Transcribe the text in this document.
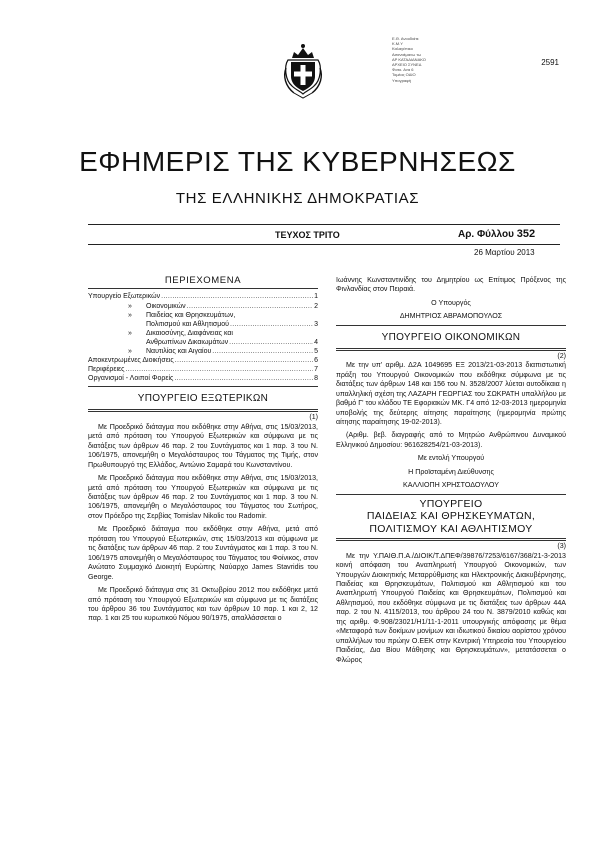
Ε.Θ. Ανουδιάτε
Κ.Μ.Υ
Καλαγέπικο
Ασαναέμανω τω
ΑΡ ΚΑΤΑΔΙΔΝΑΚΟ
ΑΡΧΕΙΟ ΣΥΝΕΔ
Φατο. Ανα 6
Τομέας ΟΔΙΟ
Υπογραφή
2591
ΕΦΗΜΕΡΙΣ ΤΗΣ ΚΥΒΕΡΝΗΣΕΩΣ
ΤΗΣ ΕΛΛΗΝΙΚΗΣ ΔΗΜΟΚΡΑΤΙΑΣ
ΤΕΥΧΟΣ ΤΡΙΤΟ	Αρ. Φύλλου 352
26 Μαρτίου 2013
ΠΕΡΙΕΧΟΜΕΝΑ
Υπουργείο Εξωτερικών .....	1
» Οικονομικών .....	2
» Παιδείας και Θρησκευμάτων,
Πολιτισμού και Αθλητισμού .....	3
» Δικαιοσύνης, Διαφάνειας και
Ανθρωπίνων Δικαιωμάτων .....	4
» Ναυτιλίας και Αιγαίου .....	5
Αποκεντρωμένες Διοικήσεις .....	6
Περιφέρειες .....	7
Οργανισμοί - Λοιποί Φορείς .....	8
ΥΠΟΥΡΓΕΙΟ ΕΞΩΤΕΡΙΚΩΝ

(1)

Με Προεδρικό διάταγμα που εκδόθηκε στην Αθήνα, στις 15/03/2013, μετά από πρόταση του Υπουργού Εξωτερικών και σύμφωνα με τις διατάξεις των άρθρων 46 παρ. 2 του Συντάγματος και 1 παρ. 3 του Ν. 106/1975, απονεμήθη ο Μεγαλόσταυρος του Τάγματος της Τιμής, στον Πρωθυπουργό της Ελλάδος, Αντώνιο Σαμαρά του Κωνσταντίνου.

Με Προεδρικό διάταγμα που εκδόθηκε στην Αθήνα, στις 15/03/2013, μετά από πρόταση του Υπουργού Εξωτερικών και σύμφωνα με τις διατάξεις των άρθρων 46 παρ. 2 του Συντάγματος και 1 παρ. 3 του Ν. 106/1975, απονεμήθη ο Μεγαλόσταυρος του Τάγματος του Σωτήρος, στον Πρόεδρο της Σερβίας Tomislav Nikolic του Radomir.

Με Προεδρικό διάταγμα που εκδόθηκε στην Αθήνα, μετά από πρόταση του Υπουργού Εξωτερικών, στις 15/03/2013 και σύμφωνα με τις διατάξεις των άρθρων 46 παρ. 2 του Συντάγματος και 1 παρ. 3 του Ν. 106/1975 απονεμήθη ο Μεγαλόσταυρος του Τάγματος του Φοίνικος, στον Ανώτατο Συμμαχικό Διοικητή Ευρώπης Ναύαρχο James Stavridis του George.

Με Προεδρικό διάταγμα στις 31 Οκτωβρίου 2012 που εκδόθηκε μετά από πρόταση του Υπουργού Εξωτερικών και σύμφωνα με τις διατάξεις του άρθρου 36 του Συντάγματος και των άρθρων 10 παρ. 1 και 2, 12 παρ. 1 και 25 του κυρωτικού Νόμου 90/1975, απαλλάσσεται ο

Ιωάννης Κωνσταντινίδης του Δημητρίου ως Επίτιμος Πρόξενος της Φινλανδίας στον Πειραιά.

Ο Υπουργός

ΔΗΜΗΤΡΙΟΣ ΑΒΡΑΜΟΠΟΥΛΟΣ

ΥΠΟΥΡΓΕΙΟ ΟΙΚΟΝΟΜΙΚΩΝ

(2)

Με την υπ' αριθμ. Δ2Α 1049695 ΕΞ 2013/21-03-2013 διαπιστωτική πράξη του Υπουργού Οικονομικών που εκδόθηκε σύμφωνα με τις διατάξεις των άρθρων 148 και 156 του Ν. 3528/2007 λύεται αυτοδίκαια η υπαλληλική σχέση της ΛΑΖΑΡΗ ΓΕΩΡΓΙΑΣ του ΣΩΚΡΑΤΗ υπαλλήλου με βαθμό Γ' του κλάδου ΤΕ Εφοριακών ΜΚ. Γ4 από 12-03-2013 ημερομηνία υποβολής της δεύτερης αίτησης παραίτησης (ημερομηνία πρώτης αίτησης παραίτησης 19-02-2013).

(Αριθμ. βεβ. διαγραφής από το Μητρώο Ανθρώπινου Δυναμικού Ελληνικού Δημοσίου: 961628254/21-03-2013).

Με εντολή Υπουργού

Η Προϊσταμένη Διεύθυνσης

ΚΑΛΛΙΟΠΗ ΧΡΗΣΤΟΔΟΥΛΟΥ

ΥΠΟΥΡΓΕΙΟ
ΠΑΙΔΕΙΑΣ ΚΑΙ ΘΡΗΣΚΕΥΜΑΤΩΝ,
ΠΟΛΙΤΙΣΜΟΥ ΚΑΙ ΑΘΛΗΤΙΣΜΟΥ

(3)

Με την Υ.ΠΑΙΘ.Π.Α./ΔΙΟΙΚ/Τ.ΔΠΕΦ/39876/7253/6167/368/21-3-2013 κοινή απόφαση του Αναπληρωτή Υπουργού Οικονομικών, των Υπουργών Διοικητικής Μεταρρύθμισης και Ηλεκτρονικής Διακυβέρνησης, Παιδείας και Θρησκευμάτων, Πολιτισμού και Αθλητισμού και του Αναπληρωτή Υπουργού Παιδείας και Θρησκευμάτων, Πολιτισμού και Αθλητισμού, που εκδόθηκε σύμφωνα με τις διατάξεις των άρθρων 44Α παρ. 2 του Ν. 4115/2013, του άρθρου 24 του Ν. 3879/2010 καθώς και της αριθμ. Φ.908/23021/Η1/11-1-2011 υπουργικής απόφασης με θέμα «Μεταφορά των δοκίμων μονίμων και ιδιωτικού δικαίου αορίστου χρόνου υπαλλήλων του πρώην Ο.ΕΕΚ στην Κεντρική Υπηρεσία του Υπουργείου Παιδείας, Δια Βίου Μάθησης και Θρησκευμάτων», μετατάσσεται ο Φλώρος
